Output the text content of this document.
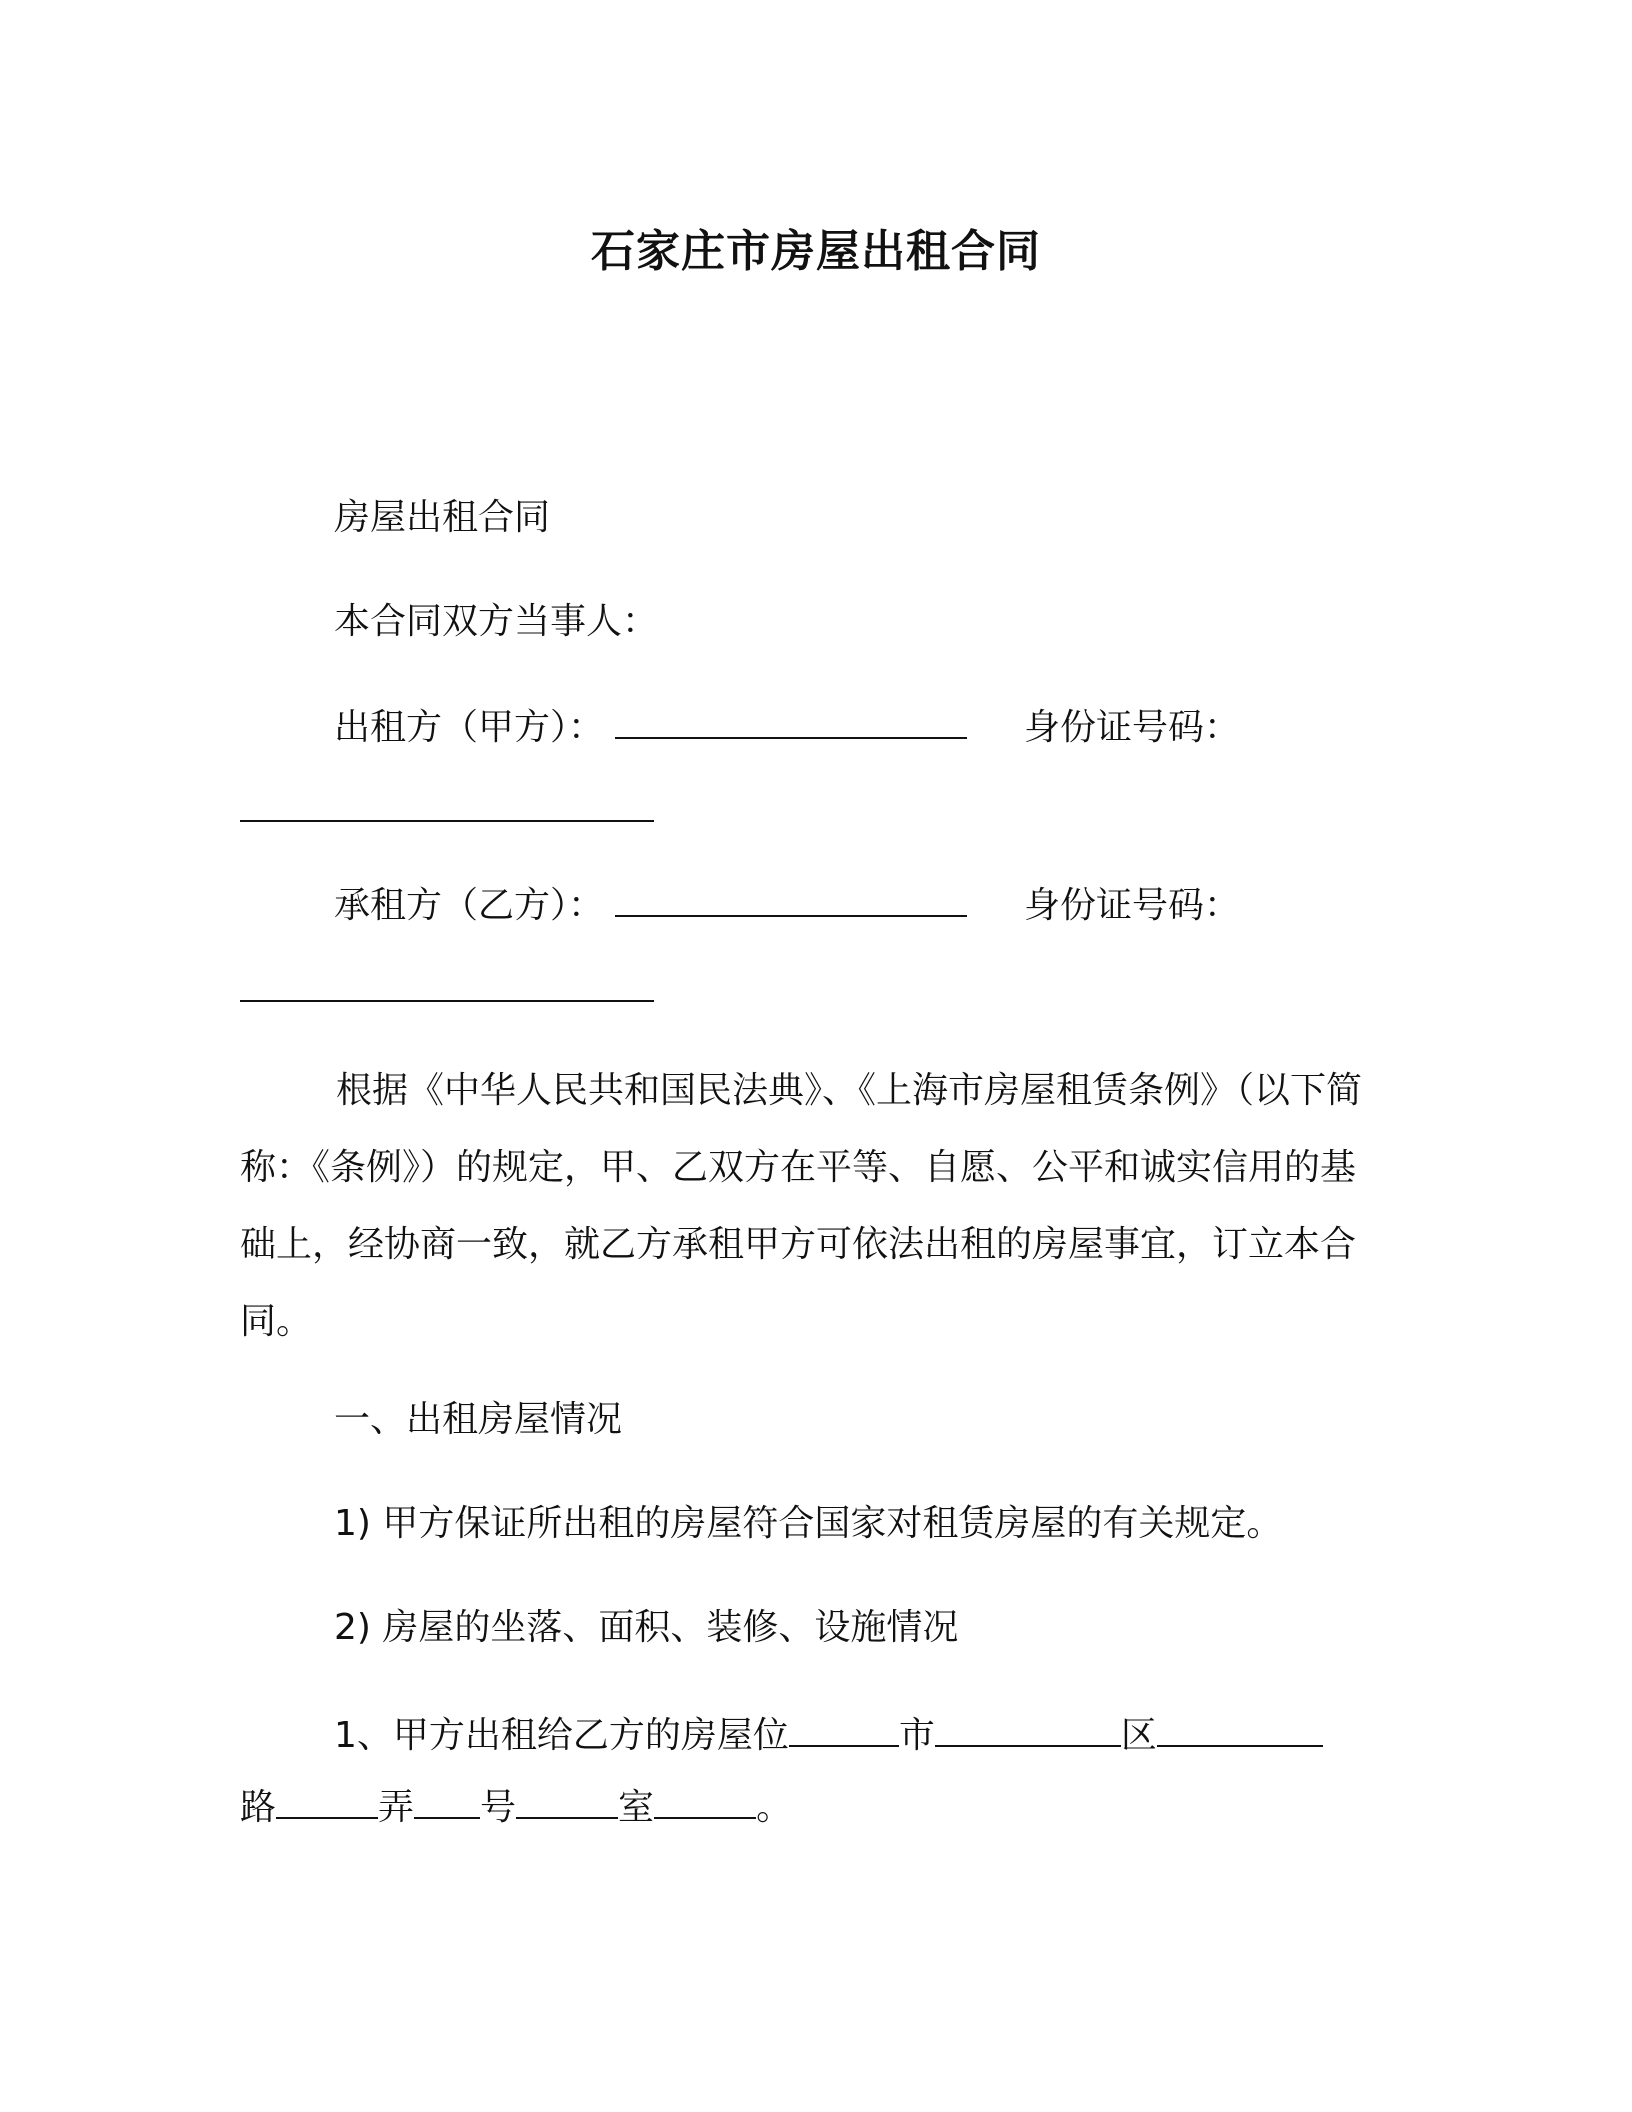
石家庄市房屋出租合同
房屋出租合同
本合同双方当事人：
出租方（甲方）：	身份证号码：
承租方（乙方）：	身份证号码：
根据《中华人民共和国民法典》、《上海市房屋租赁条例》（以下简称：《条例》）的规定，甲、乙双方在平等、自愿、公平和诚实信用的基础上，经协商一致，就乙方承租甲方可依法出租的房屋事宜，订立本合同。
一、出租房屋情况
1) 甲方保证所出租的房屋符合国家对租赁房屋的有关规定。
2) 房屋的坐落、面积、装修、设施情况
1、甲方出租给乙方的房屋位	市	区
路	弄 号	室	。
